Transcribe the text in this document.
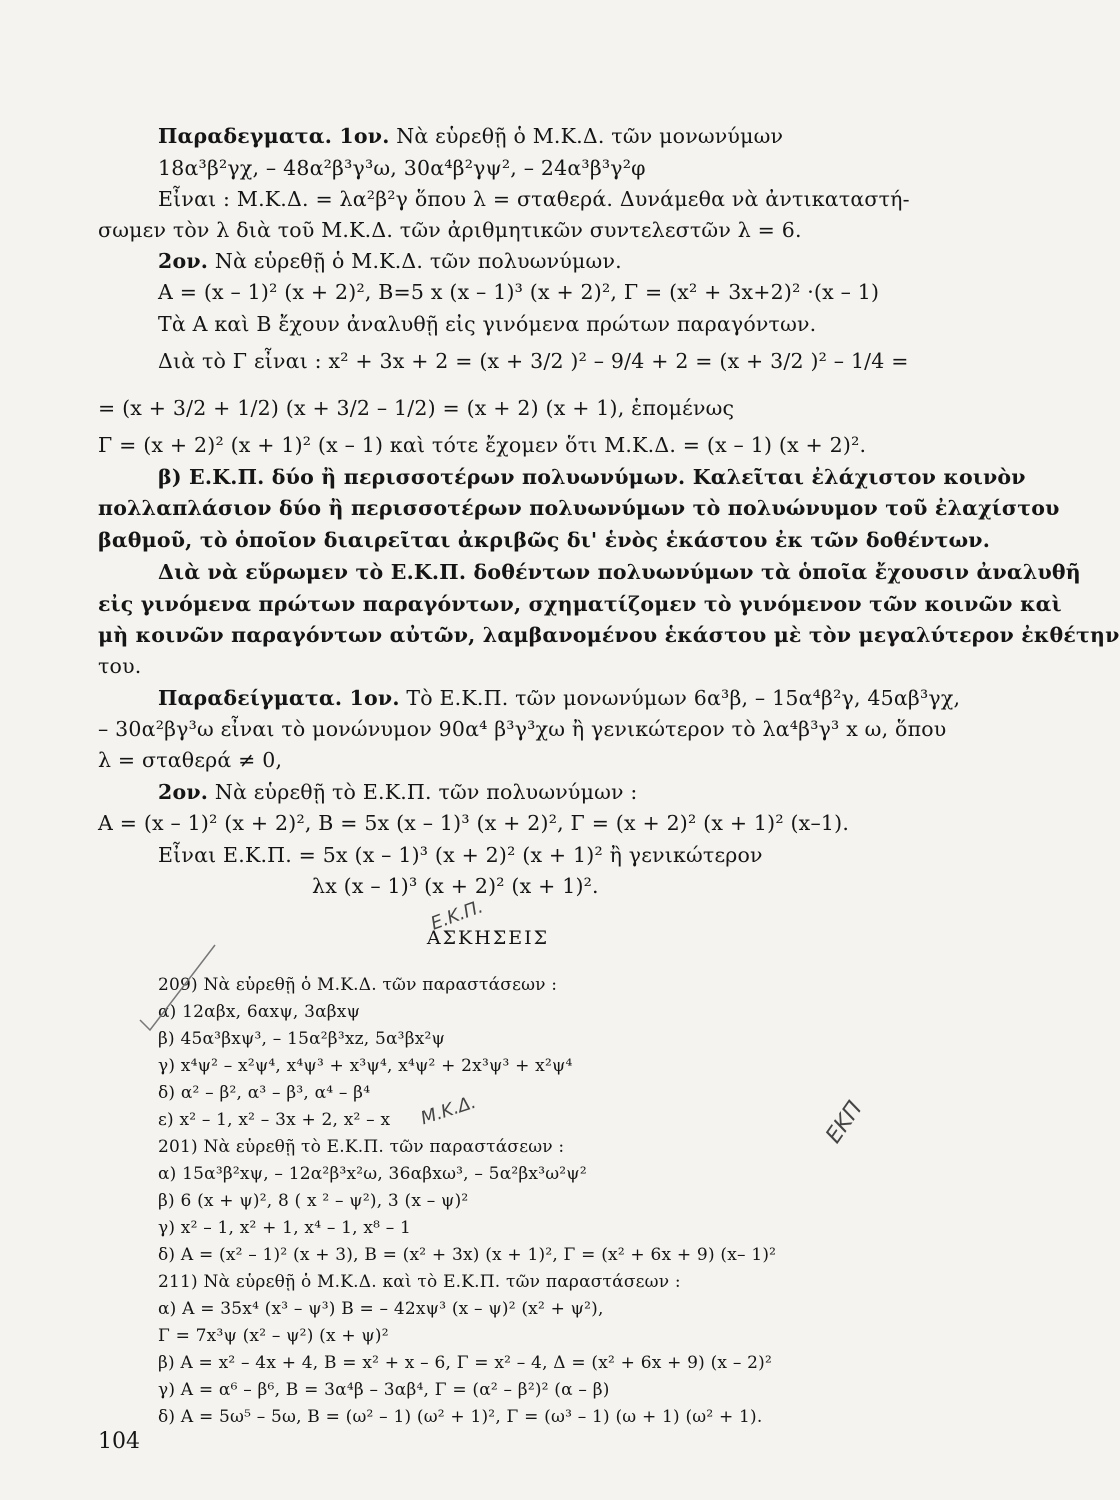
Παραδεγματα. 1ον. Νὰ εὑρεθῇ ὁ Μ.Κ.Δ. τῶν μονωνύμων
18α³β²γχ, – 48α²β³γ³ω, 30α⁴β²γψ², – 24α³β³γ²φ
Εἶναι : Μ.Κ.Δ. = λα²β²γ ὅπου λ = σταθερά. Δυνάμεθα νὰ ἀντικαταστή-
σωμεν τὸν λ διὰ τοῦ Μ.Κ.Δ. τῶν ἀριθμητικῶν συντελεστῶν λ = 6.
2ον. Νὰ εὑρεθῇ ὁ Μ.Κ.Δ. τῶν πολυωνύμων.
Α = (x – 1)² (x + 2)², Β=5 x (x – 1)³ (x + 2)², Γ = (x² + 3x+2)² ·(x – 1)
Τὰ Α καὶ Β ἔχουν ἀναλυθῇ εἰς γινόμενα πρώτων παραγόντων.
Διὰ τὸ Γ εἶναι : x² + 3x + 2 = (x + 3/2 )² – 9/4 + 2 = (x + 3/2 )² – 1/4 =
= (x + 3/2 + 1/2) (x + 3/2 – 1/2) = (x + 2) (x + 1), ἑπομένως
Γ = (x + 2)² (x + 1)² (x – 1) καὶ τότε ἔχομεν ὅτι Μ.Κ.Δ. = (x – 1) (x + 2)².
β) Ε.Κ.Π. δύο ἢ περισσοτέρων πολυωνύμων. Καλεῖται ἐλάχιστον κοινὸν
πολλαπλάσιον δύο ἢ περισσοτέρων πολυωνύμων τὸ πολυώνυμον τοῦ ἐλαχίστου
βαθμοῦ, τὸ ὁποῖον διαιρεῖται ἀκριβῶς δι' ἑνὸς ἑκάστου ἐκ τῶν δοθέντων.
Διὰ νὰ εὕρωμεν τὸ Ε.Κ.Π. δοθέντων πολυωνύμων τὰ ὁποῖα ἔχουσιν ἀναλυθῆ
εἰς γινόμενα πρώτων παραγόντων, σχηματίζομεν τὸ γινόμενον τῶν κοινῶν καὶ
μὴ κοινῶν παραγόντων αὐτῶν, λαμβανομένου ἑκάστου μὲ τὸν μεγαλύτερον ἐκθέτην
του.
Παραδείγματα. 1ον. Τὸ Ε.Κ.Π. τῶν μονωνύμων 6α³β, – 15α⁴β²γ, 45αβ³γχ,
– 30α²βγ³ω εἶναι τὸ μονώνυμον 90α⁴ β³γ³χω ἢ γενικώτερον τὸ λα⁴β³γ³ x ω, ὅπου
λ = σταθερά ≠ 0,
2ον. Νὰ εὑρεθῇ τὸ Ε.Κ.Π. τῶν πολυωνύμων :
Α = (x – 1)² (x + 2)², Β = 5x (x – 1)³ (x + 2)², Γ = (x + 2)² (x + 1)² (x–1).
Εἶναι Ε.Κ.Π. = 5x (x – 1)³ (x + 2)² (x + 1)² ἢ γενικώτερον
λx (x – 1)³ (x + 2)² (x + 1)².
ΑΣΚΗΣΕΙΣ
209) Νὰ εὑρεθῇ ὁ Μ.Κ.Δ. τῶν παραστάσεων :
α) 12αβx, 6αxψ, 3αβxψ
β) 45α³βxψ³, – 15α²β³xz, 5α³βx²ψ
γ) x⁴ψ² – x²ψ⁴, x⁴ψ³ + x³ψ⁴, x⁴ψ² + 2x³ψ³ + x²ψ⁴
δ) α² – β², α³ – β³, α⁴ – β⁴
ε) x² – 1, x² – 3x + 2, x² – x
201) Νὰ εὑρεθῇ τὸ Ε.Κ.Π. τῶν παραστάσεων :
α) 15α³β²xψ, – 12α²β³x²ω, 36αβxω³, – 5α²βx³ω²ψ²
β) 6 (x + ψ)², 8 ( x ² – ψ²), 3 (x – ψ)²
γ) x² – 1, x² + 1, x⁴ – 1, x⁸ – 1
δ) Α = (x² – 1)² (x + 3), Β = (x² + 3x) (x + 1)², Γ = (x² + 6x + 9) (x– 1)²
211) Νὰ εὑρεθῇ ὁ Μ.Κ.Δ. καὶ τὸ Ε.Κ.Π. τῶν παραστάσεων :
α) Α = 35x⁴ (x³ – ψ³) Β = – 42xψ³ (x – ψ)² (x² + ψ²),
Γ = 7x³ψ (x² – ψ²) (x + ψ)²
β) Α = x² – 4x + 4, Β = x² + x – 6, Γ = x² – 4, Δ = (x² + 6x + 9) (x – 2)²
γ) Α = α⁶ – β⁶, Β = 3α⁴β – 3αβ⁴, Γ = (α² – β²)² (α – β)
δ) Α = 5ω⁵ – 5ω, Β = (ω² – 1) (ω² + 1)², Γ = (ω³ – 1) (ω + 1) (ω² + 1).
104
Ε.Κ.Π.
Μ.Κ.Δ.	ΕΚΠ
